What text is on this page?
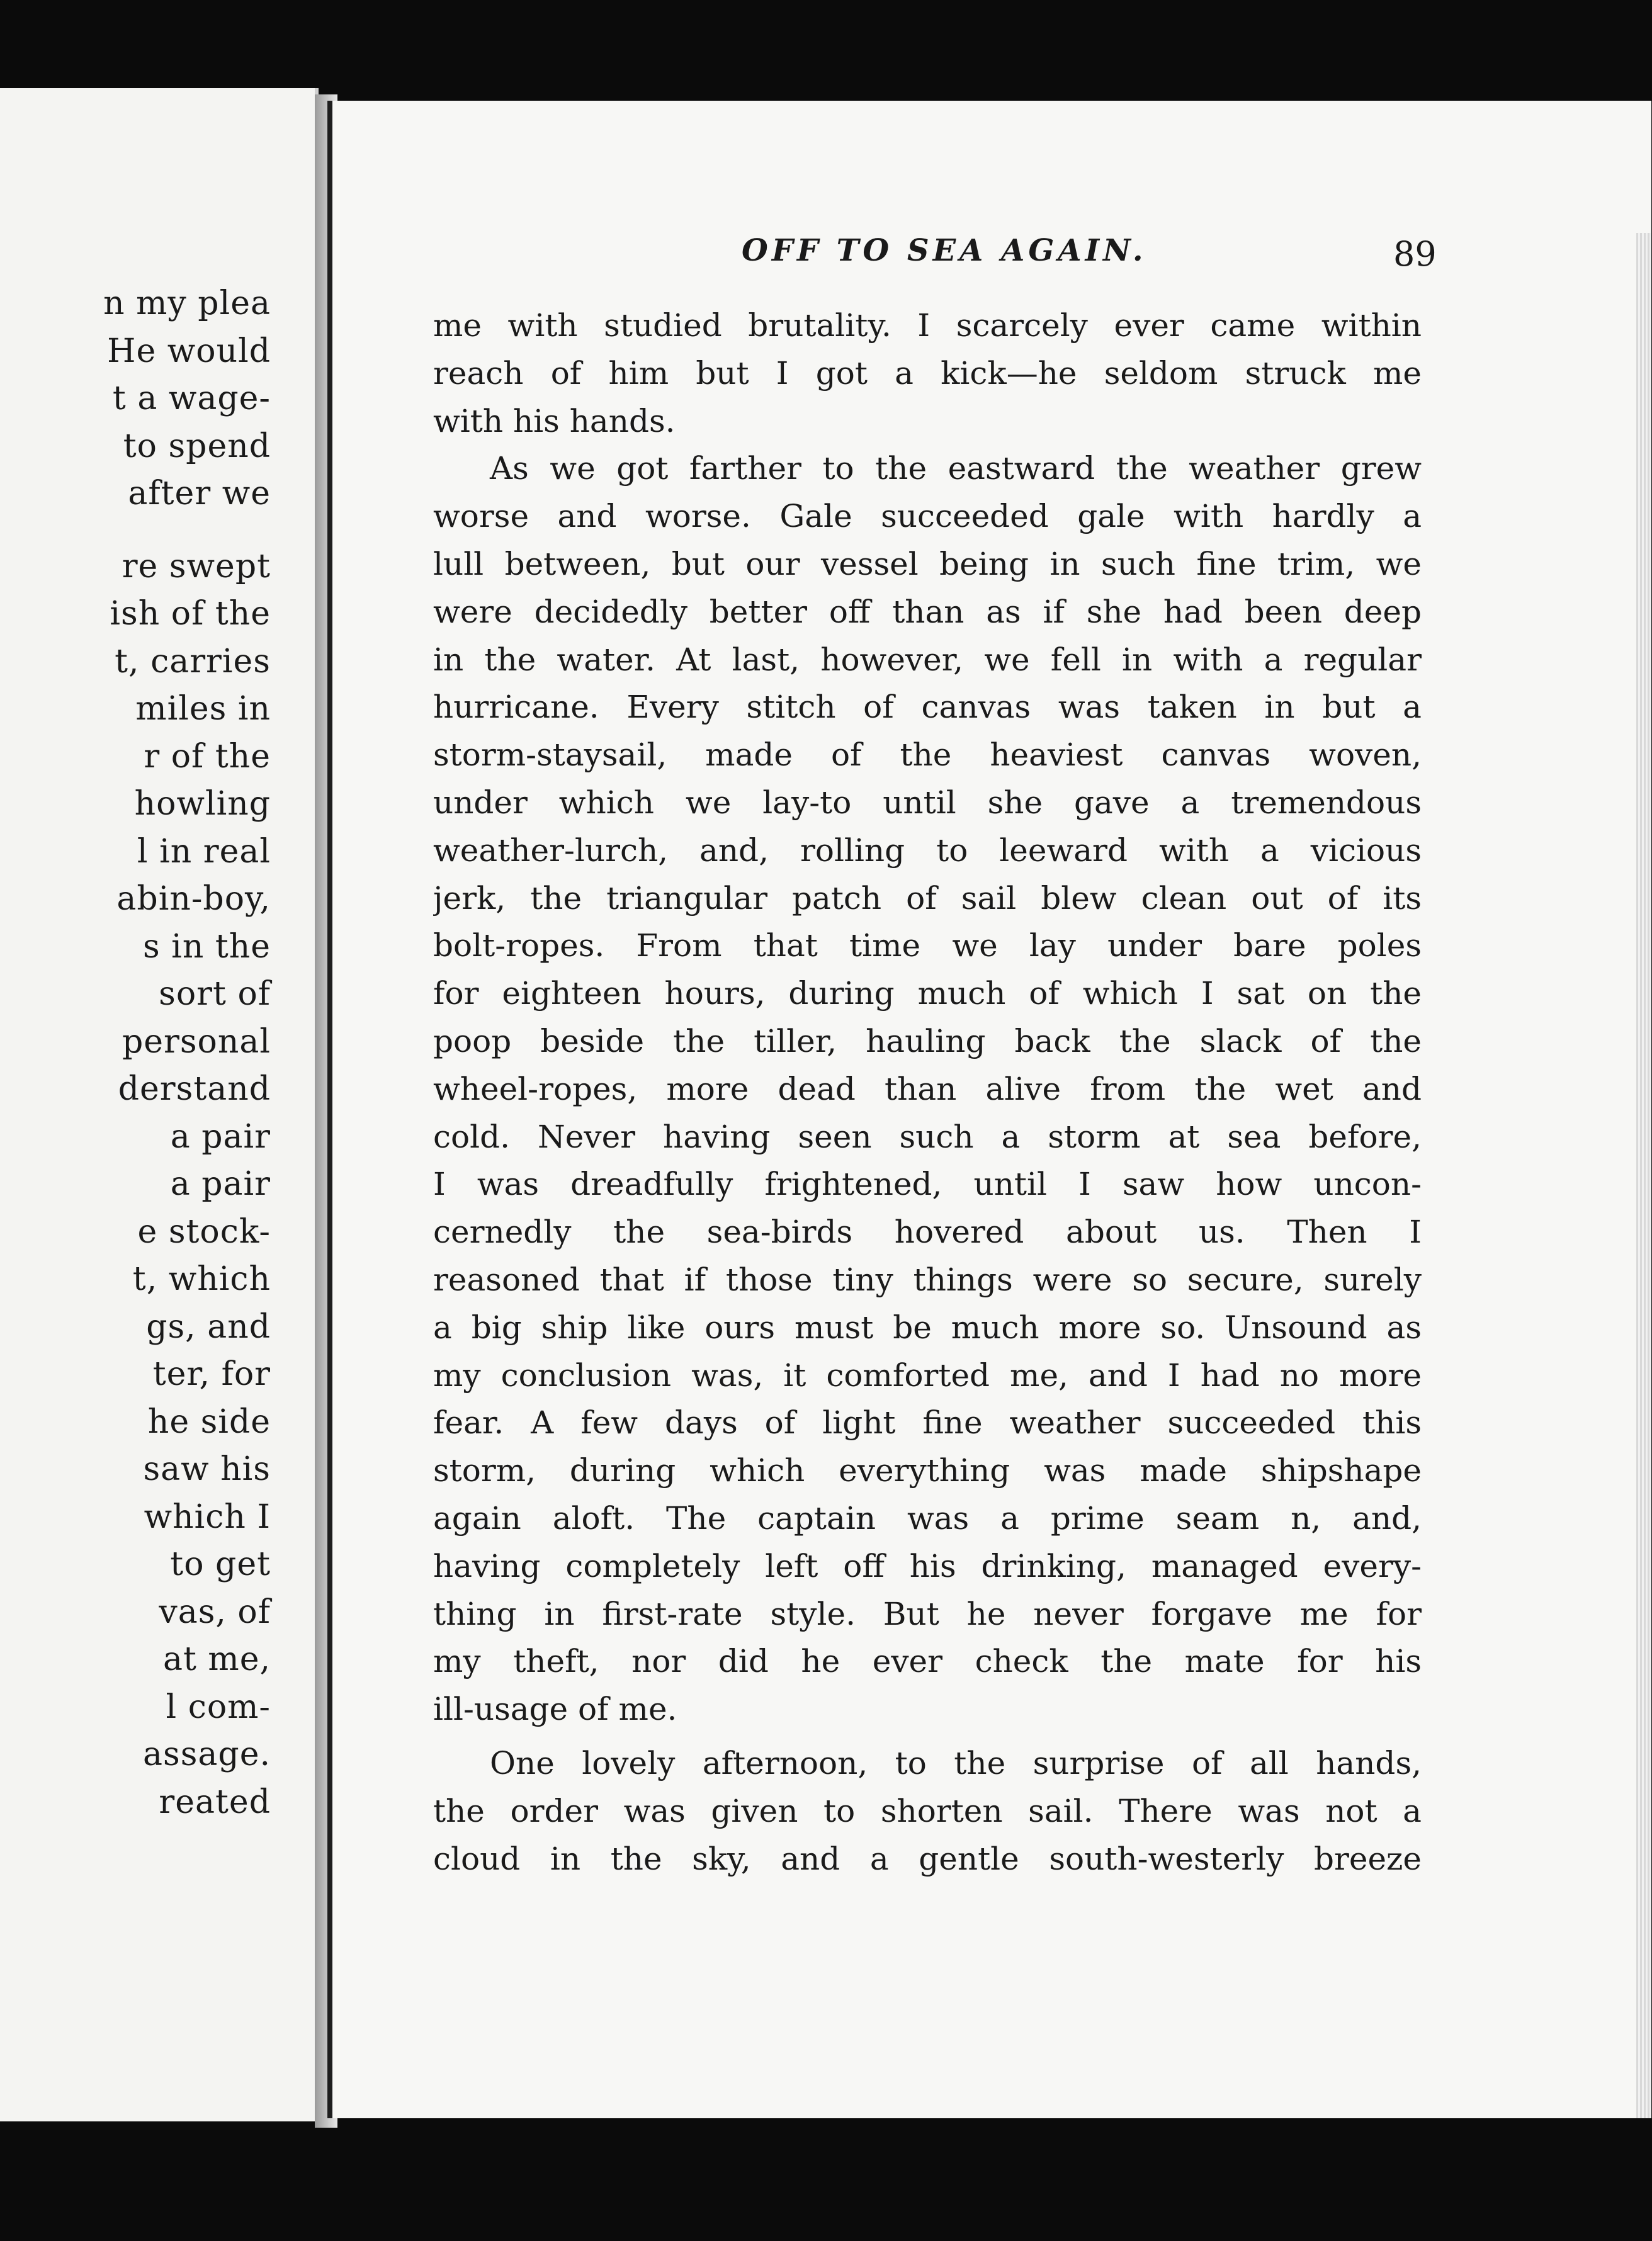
n my plea
He would
t a wage-
to spend
after we
re swept
ish of the
t, carries
miles in
r of the
howling
l in real
abin-boy,
s in the
sort of
personal
derstand
a pair
a pair
e stock-
t, which
gs, and
ter, for
he side
saw his
which I
to get
vas, of
at me,
l com-
assage.
reated
OFF TO SEA AGAIN.	89
me with studied brutality. I scarcely ever came within
reach of him but I got a kick—he seldom struck me
with his hands.
As we got farther to the eastward the weather grew
worse and worse. Gale succeeded gale with hardly a
lull between, but our vessel being in such fine trim, we
were decidedly better off than as if she had been deep
in the water. At last, however, we fell in with a regular
hurricane. Every stitch of canvas was taken in but a
storm-staysail, made of the heaviest canvas woven,
under which we lay-to until she gave a tremendous
weather-lurch, and, rolling to leeward with a vicious
jerk, the triangular patch of sail blew clean out of its
bolt-ropes. From that time we lay under bare poles
for eighteen hours, during much of which I sat on the
poop beside the tiller, hauling back the slack of the
wheel-ropes, more dead than alive from the wet and
cold. Never having seen such a storm at sea before,
I was dreadfully frightened, until I saw how uncon-
cernedly the sea-birds hovered about us. Then I
reasoned that if those tiny things were so secure, surely
a big ship like ours must be much more so. Unsound as
my conclusion was, it comforted me, and I had no more
fear. A few days of light fine weather succeeded this
storm, during which everything was made shipshape
again aloft. The captain was a prime seam n, and,
having completely left off his drinking, managed every-
thing in first-rate style. But he never forgave me for
my theft, nor did he ever check the mate for his
ill-usage of me.
One lovely afternoon, to the surprise of all hands,
the order was given to shorten sail. There was not a
cloud in the sky, and a gentle south-westerly breeze
